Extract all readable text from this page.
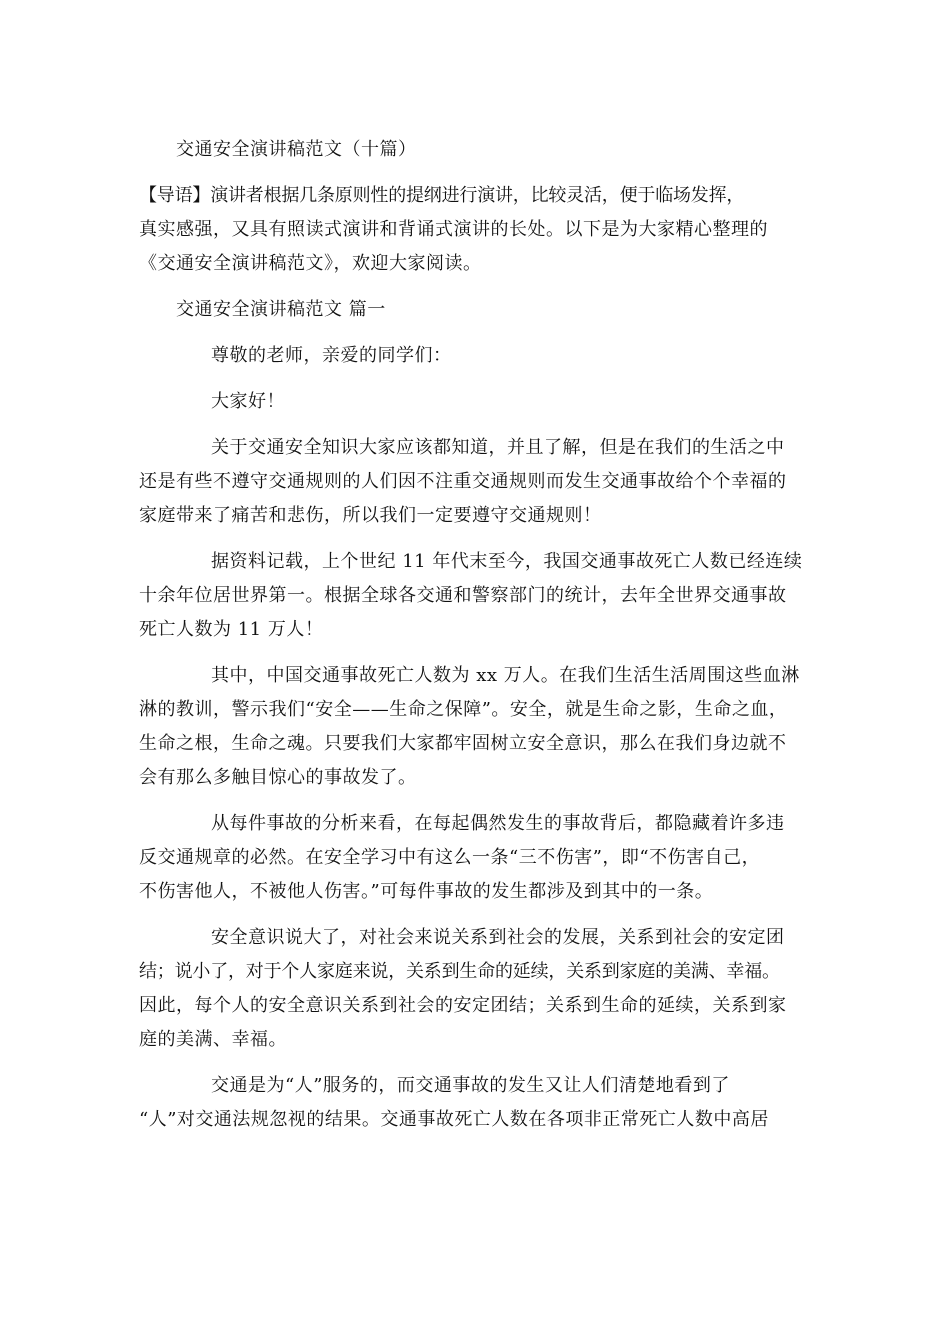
交通安全演讲稿范文（十篇）
【导语】演讲者根据几条原则性的提纲进行演讲，比较灵活，便于临场发挥，
真实感强，又具有照读式演讲和背诵式演讲的长处。以下是为大家精心整理的
《交通安全演讲稿范文》，欢迎大家阅读。
交通安全演讲稿范文 篇一
尊敬的老师，亲爱的同学们：
大家好！
关于交通安全知识大家应该都知道，并且了解，但是在我们的生活之中
还是有些不遵守交通规则的人们因不注重交通规则而发生交通事故给个个幸福的
家庭带来了痛苦和悲伤，所以我们一定要遵守交通规则！
据资料记载，上个世纪 11 年代末至今，我国交通事故死亡人数已经连续
十余年位居世界第一。根据全球各交通和警察部门的统计，去年全世界交通事故
死亡人数为 11 万人！
其中，中国交通事故死亡人数为 xx 万人。在我们生活生活周围这些血淋
淋的教训，警示我们“安全——生命之保障”。安全，就是生命之影，生命之血，
生命之根，生命之魂。只要我们大家都牢固树立安全意识，那么在我们身边就不
会有那么多触目惊心的事故发了。
从每件事故的分析来看，在每起偶然发生的事故背后，都隐藏着许多违
反交通规章的必然。在安全学习中有这么一条“三不伤害”，即“不伤害自己，
不伤害他人，不被他人伤害。”可每件事故的发生都涉及到其中的一条。
安全意识说大了，对社会来说关系到社会的发展，关系到社会的安定团
结；说小了，对于个人家庭来说，关系到生命的延续，关系到家庭的美满、幸福。
因此，每个人的安全意识关系到社会的安定团结；关系到生命的延续，关系到家
庭的美满、幸福。
交通是为“人”服务的，而交通事故的发生又让人们清楚地看到了
“人”对交通法规忽视的结果。交通事故死亡人数在各项非正常死亡人数中高居
